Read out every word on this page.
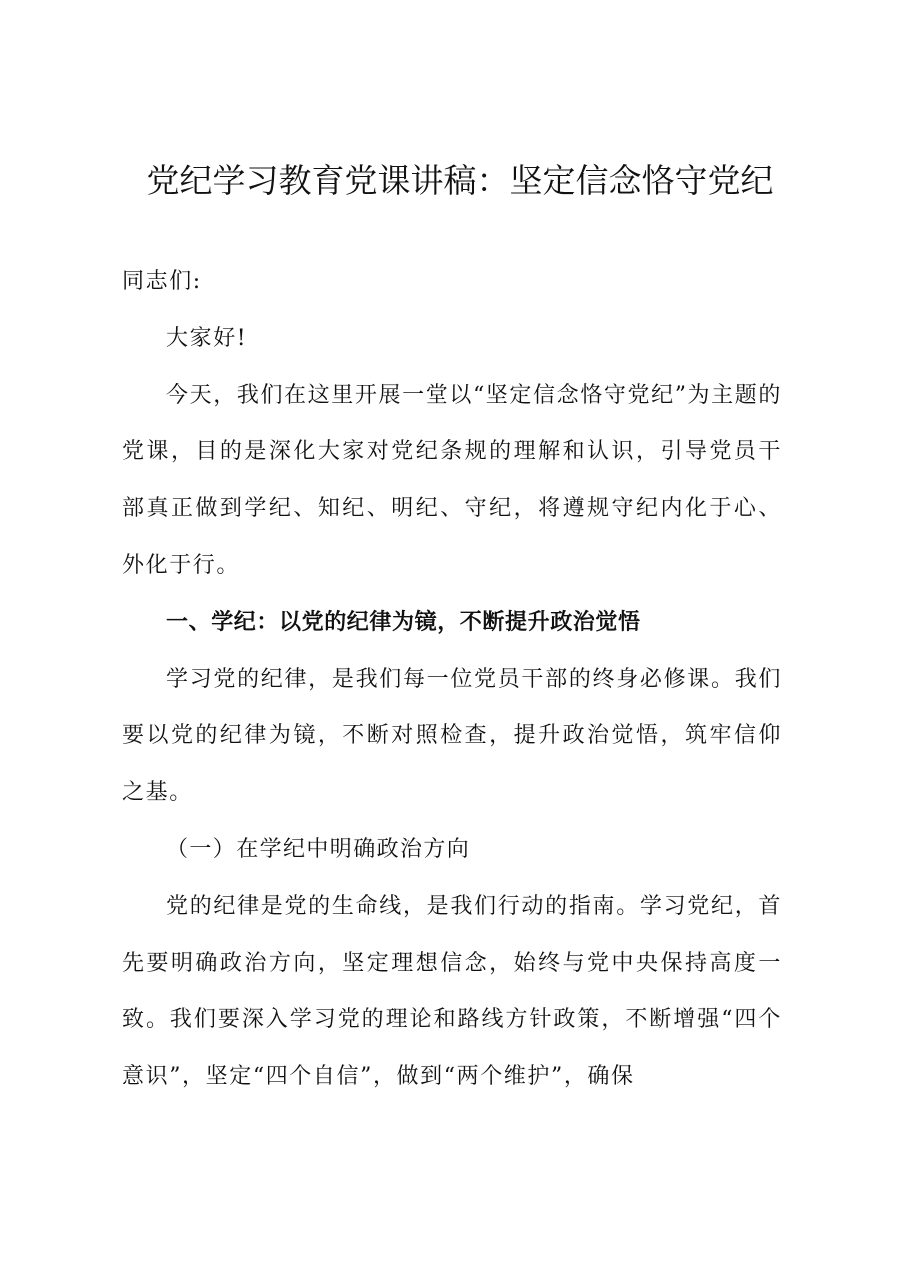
党纪学习教育党课讲稿：坚定信念恪守党纪

同志们:

大家好!

今天，我们在这里开展一堂以“坚定信念恪守党纪”为主题的党课，目的是深化大家对党纪条规的理解和认识，引导党员干部真正做到学纪、知纪、明纪、守纪，将遵规守纪内化于心、外化于行。

一、学纪：以党的纪律为镜，不断提升政治觉悟

学习党的纪律，是我们每一位党员干部的终身必修课。我们要以党的纪律为镜，不断对照检查，提升政治觉悟，筑牢信仰之基。

（一）在学纪中明确政治方向

党的纪律是党的生命线，是我们行动的指南。学习党纪，首先要明确政治方向，坚定理想信念，始终与党中央保持高度一致。我们要深入学习党的理论和路线方针政策，不断增强“四个意识”，坚定“四个自信”，做到“两个维护”，确保
